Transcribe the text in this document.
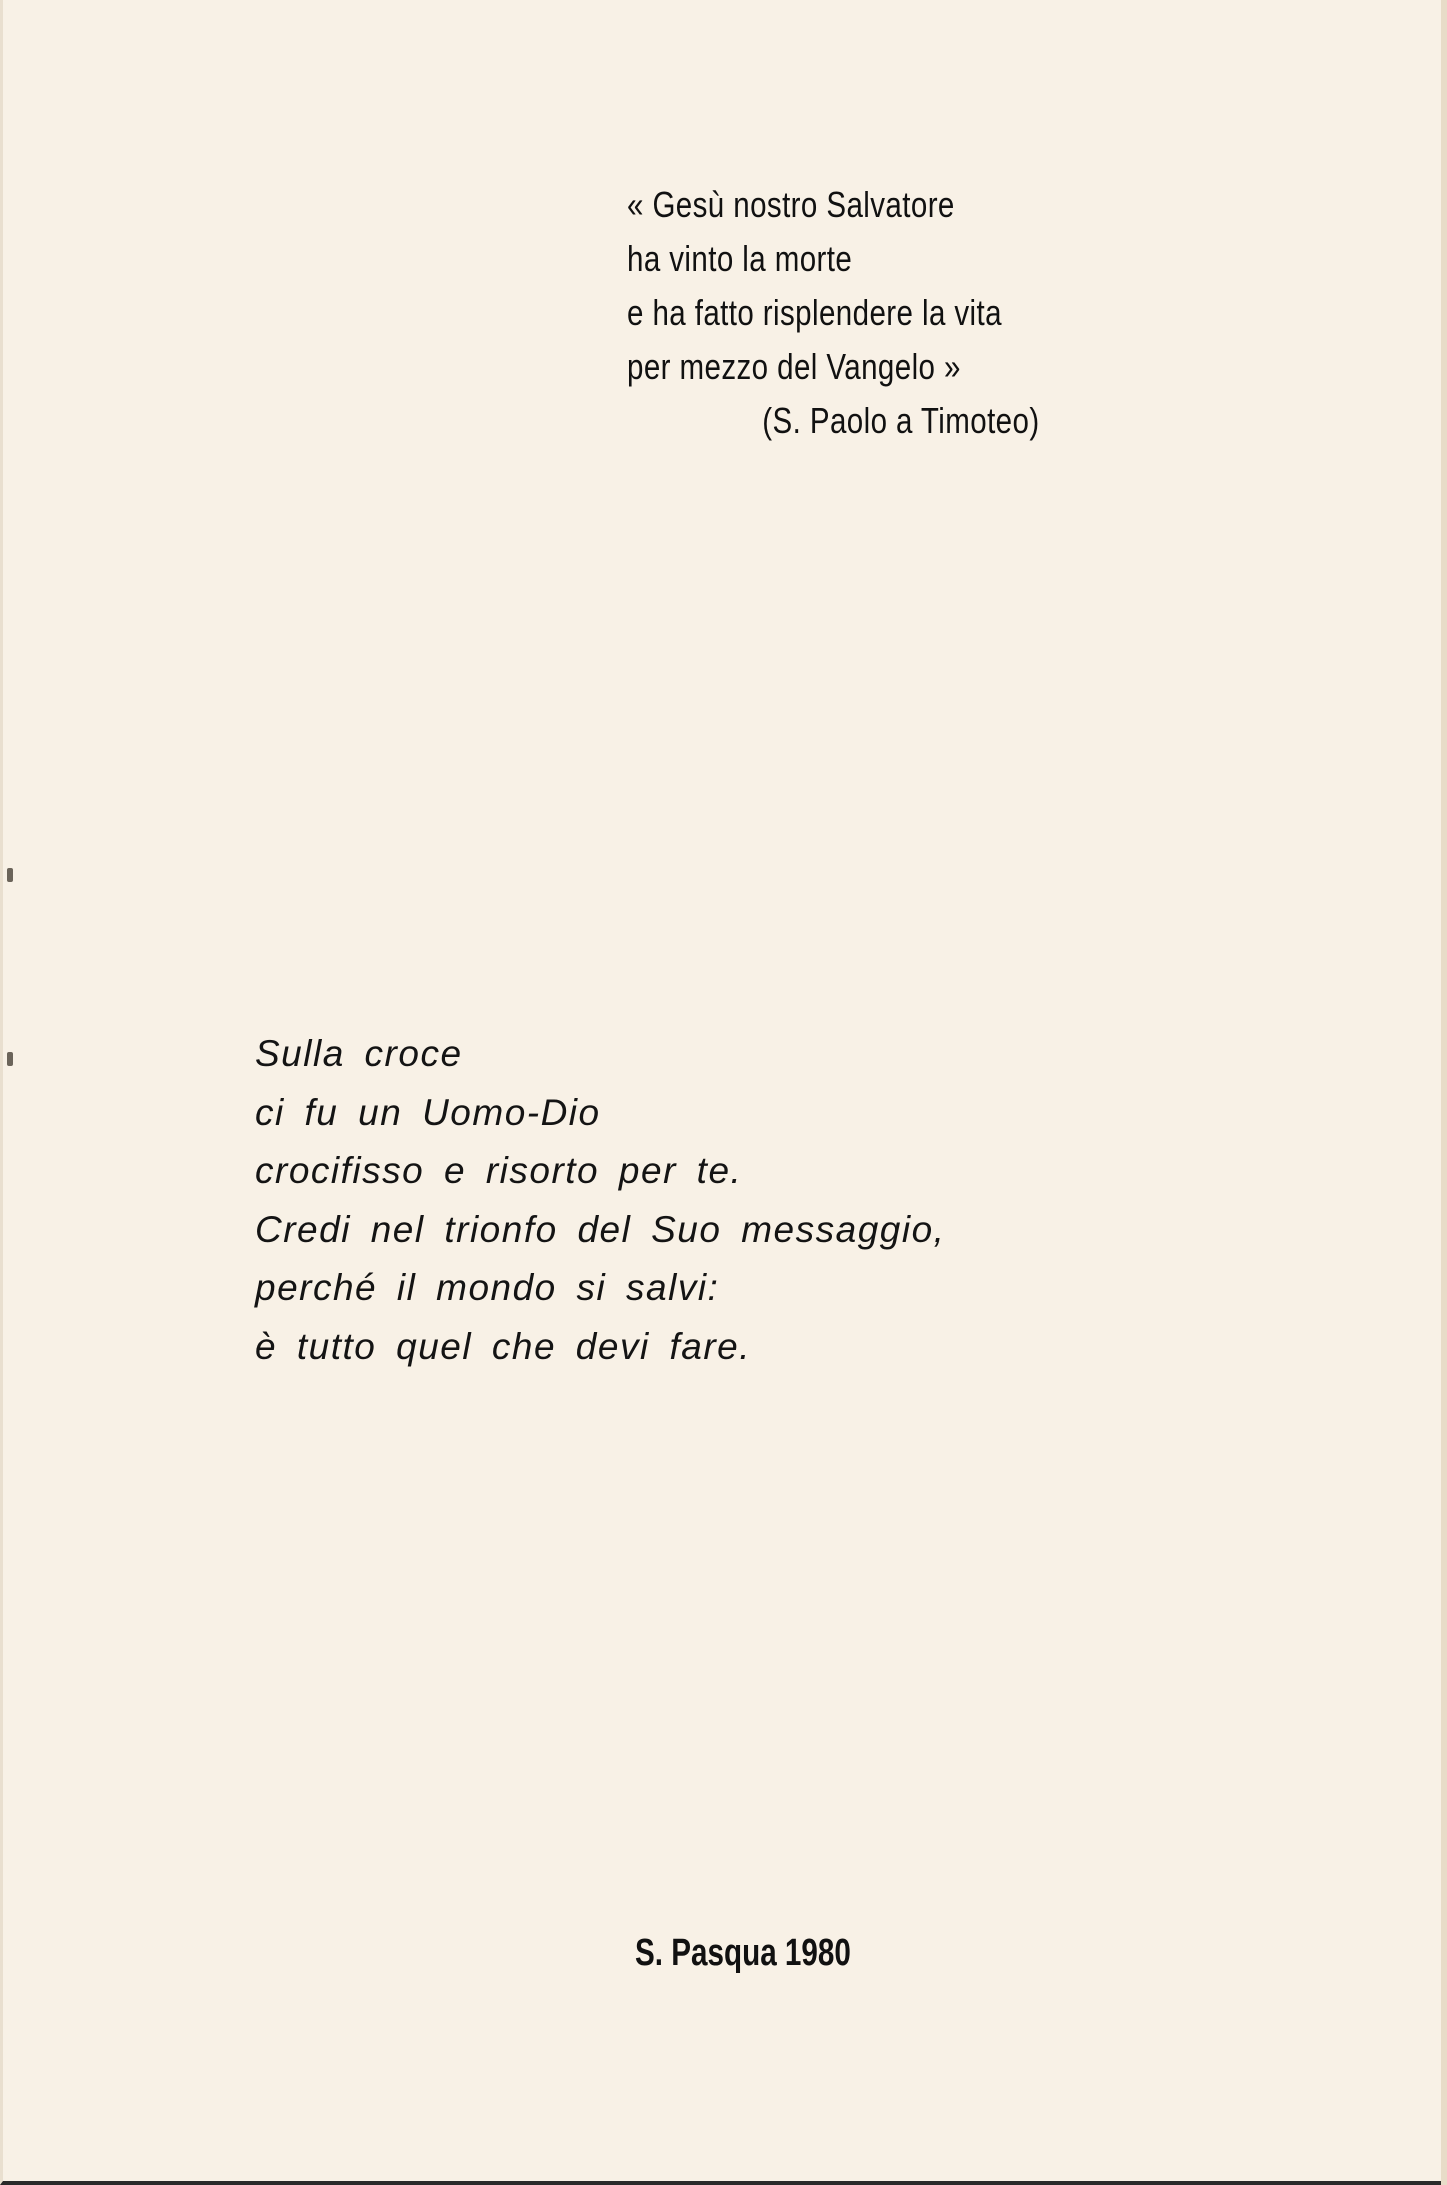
« Gesù nostro Salvatore
ha vinto la morte
e ha fatto risplendere la vita
per mezzo del Vangelo »
(S. Paolo a Timoteo)
Sulla croce
ci fu un Uomo-Dio
crocifisso e risorto per te.
Credi nel trionfo del Suo messaggio,
perché il mondo si salvi:
è tutto quel che devi fare.
S. Pasqua 1980
